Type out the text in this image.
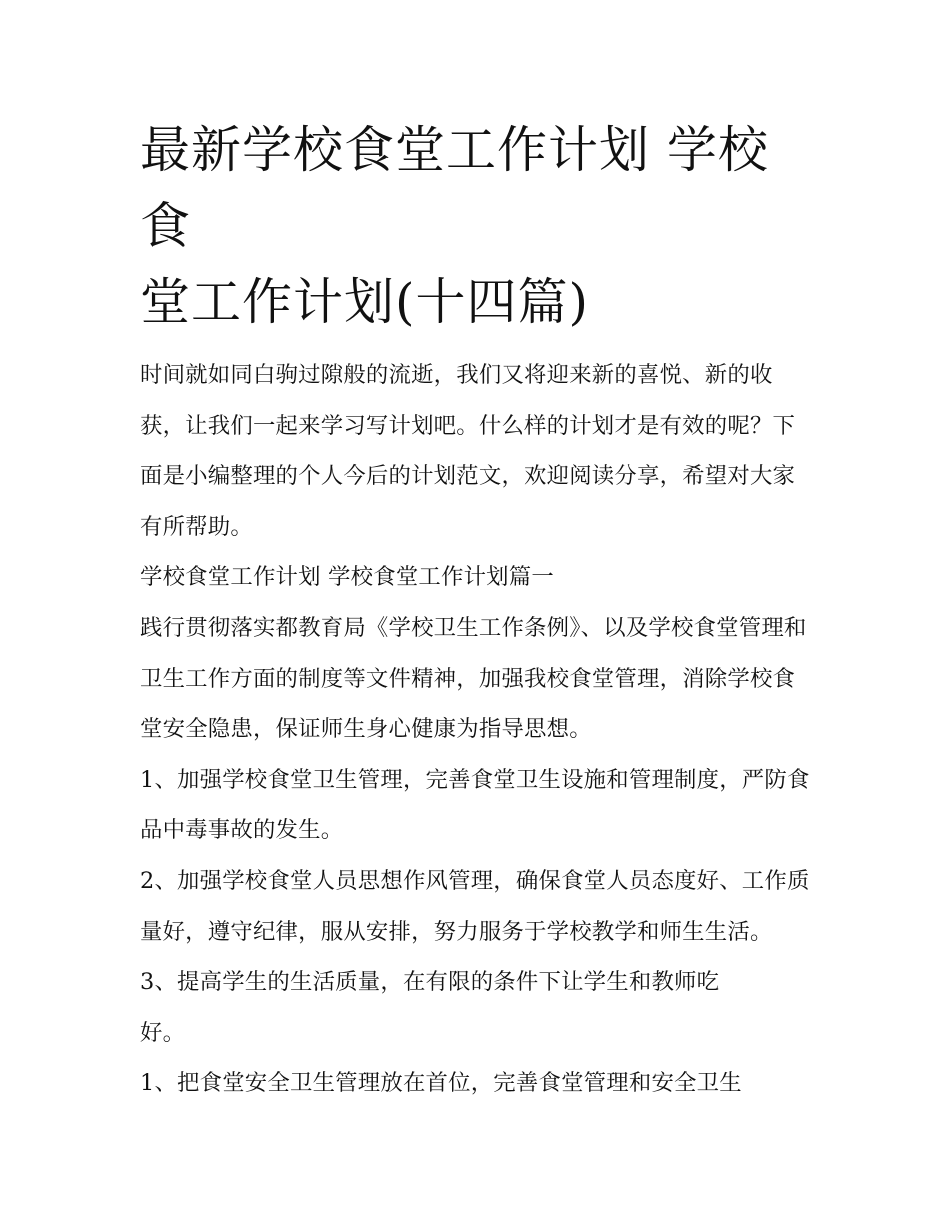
最新学校食堂工作计划 学校食
堂工作计划(十四篇)

时间就如同白驹过隙般的流逝，我们又将迎来新的喜悦、新的收获，让我们一起来学习写计划吧。什么样的计划才是有效的呢？下面是小编整理的个人今后的计划范文，欢迎阅读分享，希望对大家有所帮助。

学校食堂工作计划 学校食堂工作计划篇一

践行贯彻落实都教育局《学校卫生工作条例》、以及学校食堂管理和卫生工作方面的制度等文件精神，加强我校食堂管理，消除学校食堂安全隐患，保证师生身心健康为指导思想。

1、加强学校食堂卫生管理，完善食堂卫生设施和管理制度，严防食品中毒事故的发生。

2、加强学校食堂人员思想作风管理，确保食堂人员态度好、工作质量好，遵守纪律，服从安排，努力服务于学校教学和师生生活。

3、提高学生的生活质量，在有限的条件下让学生和教师吃

好。

1、把食堂安全卫生管理放在首位，完善食堂管理和安全卫生
